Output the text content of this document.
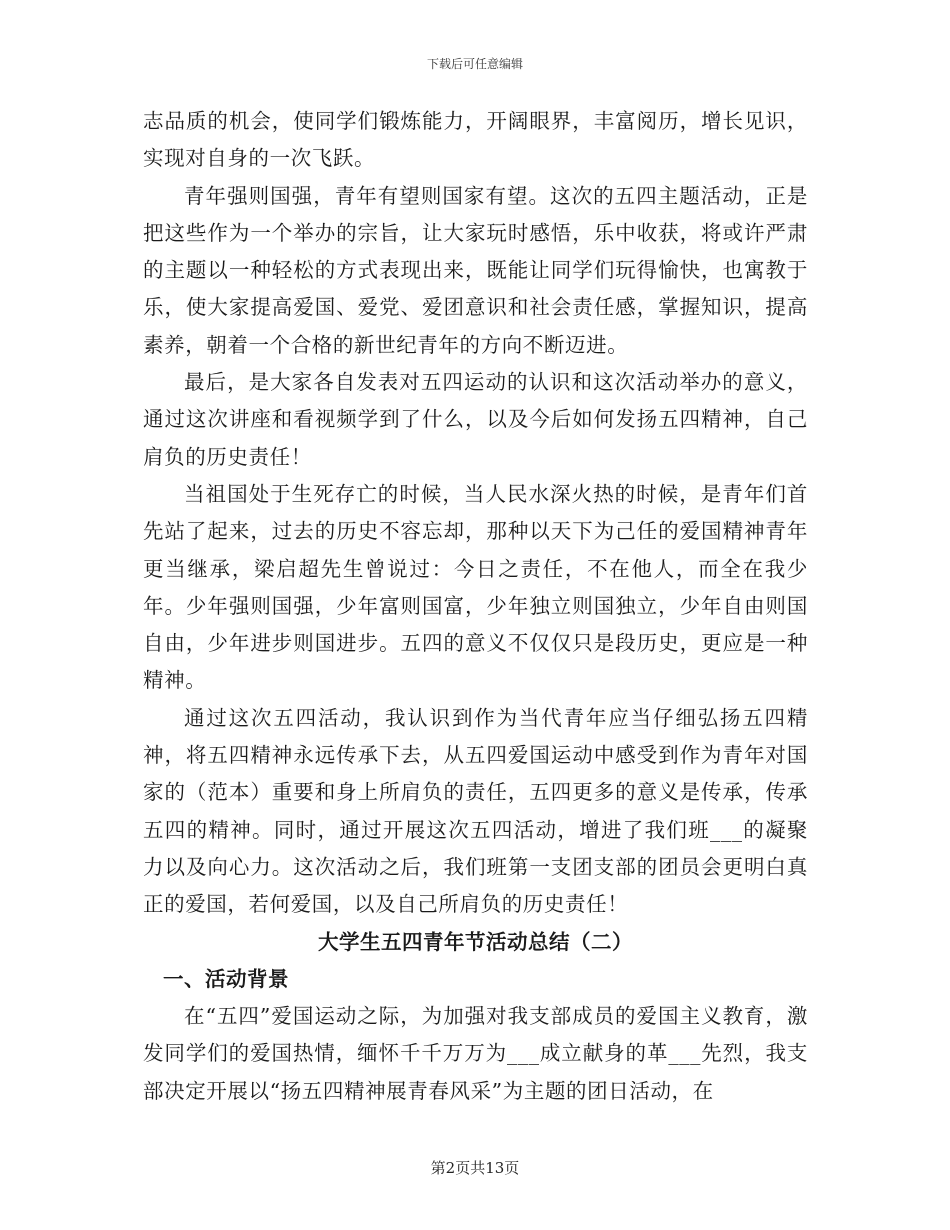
下载后可任意编辑

志品质的机会，使同学们锻炼能力，开阔眼界，丰富阅历，增长见识，实现对自身的一次飞跃。

青年强则国强，青年有望则国家有望。这次的五四主题活动，正是把这些作为一个举办的宗旨，让大家玩时感悟，乐中收获，将或许严肃的主题以一种轻松的方式表现出来，既能让同学们玩得愉快，也寓教于乐，使大家提高爱国、爱党、爱团意识和社会责任感，掌握知识，提高素养，朝着一个合格的新世纪青年的方向不断迈进。

最后，是大家各自发表对五四运动的认识和这次活动举办的意义，通过这次讲座和看视频学到了什么，以及今后如何发扬五四精神，自己肩负的历史责任！

当祖国处于生死存亡的时候，当人民水深火热的时候，是青年们首先站了起来，过去的历史不容忘却，那种以天下为己任的爱国精神青年更当继承，梁启超先生曾说过：今日之责任，不在他人，而全在我少年。少年强则国强，少年富则国富，少年独立则国独立，少年自由则国自由，少年进步则国进步。五四的意义不仅仅只是段历史，更应是一种精神。

通过这次五四活动，我认识到作为当代青年应当仔细弘扬五四精神，将五四精神永远传承下去，从五四爱国运动中感受到作为青年对国家的（范本）重要和身上所肩负的责任，五四更多的意义是传承，传承五四的精神。同时，通过开展这次五四活动，增进了我们班___的凝聚力以及向心力。这次活动之后，我们班第一支团支部的团员会更明白真正的爱国，若何爱国，以及自己所肩负的历史责任！

大学生五四青年节活动总结（二）
一、活动背景

在“五四”爱国运动之际，为加强对我支部成员的爱国主义教育，激发同学们的爱国热情，缅怀千千万万为___成立献身的革___先烈，我支部决定开展以“扬五四精神展青春风采”为主题的团日活动，在

第2页共13页
